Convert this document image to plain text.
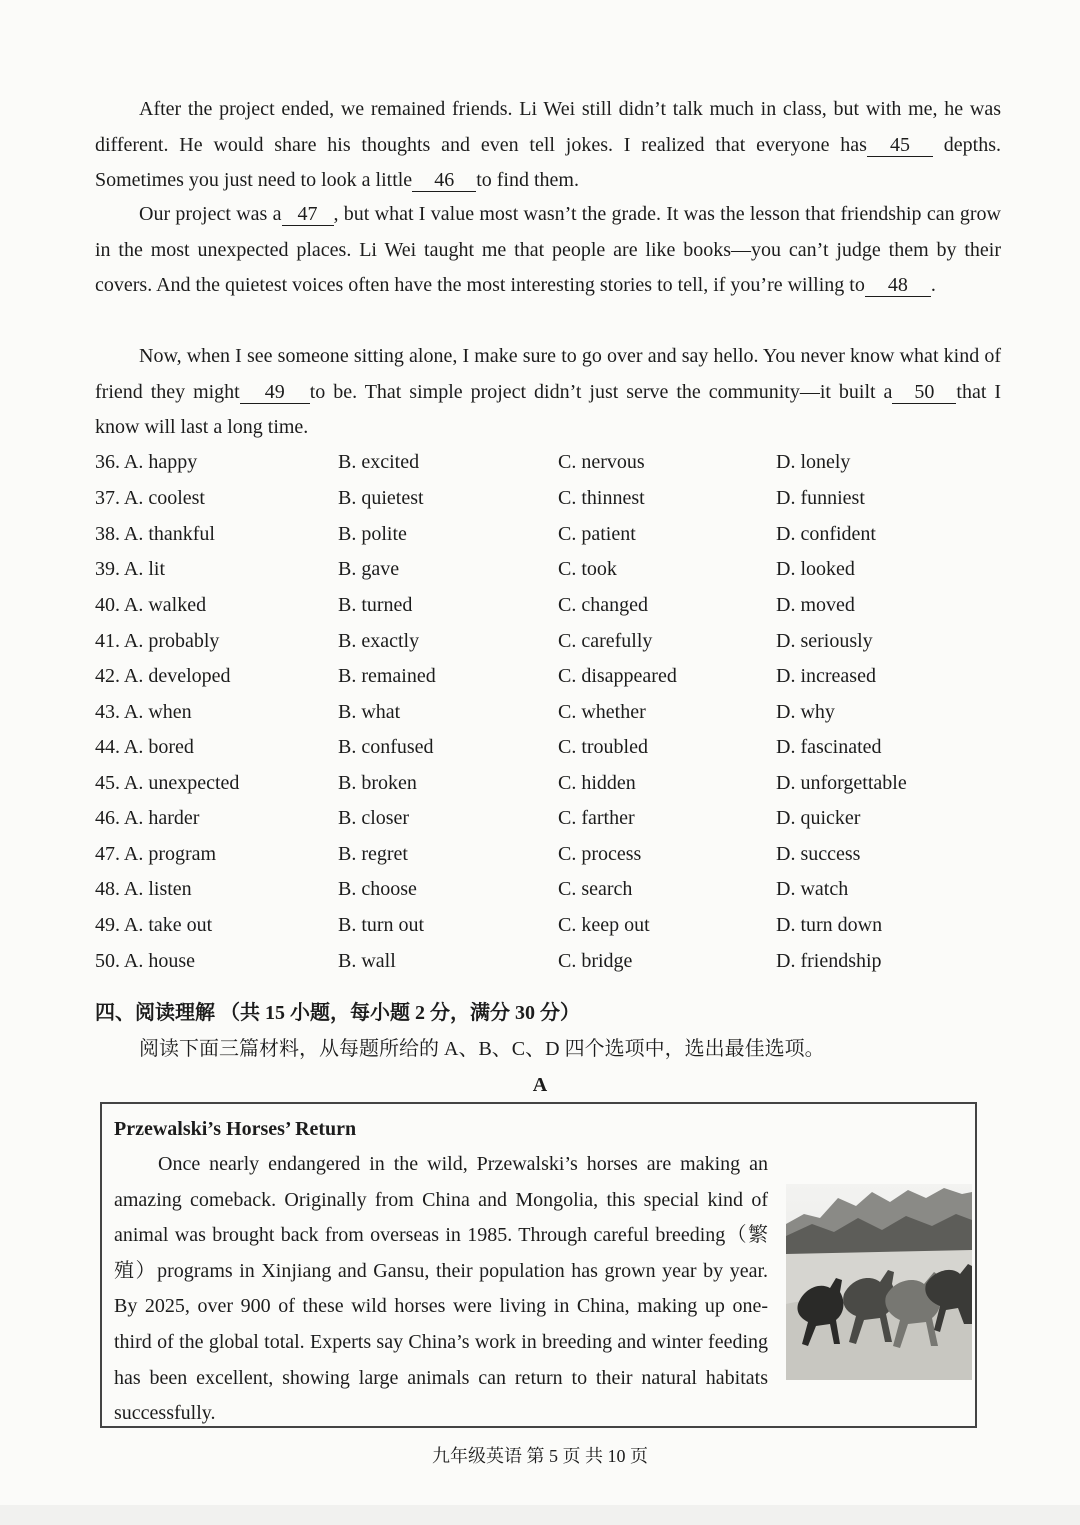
After the project ended, we remained friends. Li Wei still didn’t talk much in class, but with me, he was different. He would share his thoughts and even tell jokes. I realized that everyone has 45 depths. Sometimes you just need to look a little 46 to find them.

Our project was a 47 , but what I value most wasn’t the grade. It was the lesson that friendship can grow in the most unexpected places. Li Wei taught me that people are like books—you can’t judge them by their covers. And the quietest voices often have the most interesting stories to tell, if you’re willing to 48 .

Now, when I see someone sitting alone, I make sure to go over and say hello. You never know what kind of friend they might 49 to be. That simple project didn’t just serve the community—it built a 50 that I know will last a long time.

36. A. happy	B. excited	C. nervous	D. lonely
37. A. coolest	B. quietest	C. thinnest	D. funniest
38. A. thankful	B. polite	C. patient	D. confident
39. A. lit	B. gave	C. took	D. looked
40. A. walked	B. turned	C. changed	D. moved
41. A. probably	B. exactly	C. carefully	D. seriously
42. A. developed	B. remained	C. disappeared	D. increased
43. A. when	B. what	C. whether	D. why
44. A. bored	B. confused	C. troubled	D. fascinated
45. A. unexpected	B. broken	C. hidden	D. unforgettable
46. A. harder	B. closer	C. farther	D. quicker
47. A. program	B. regret	C. process	D. success
48. A. listen	B. choose	C. search	D. watch
49. A. take out	B. turn out	C. keep out	D. turn down
50. A. house	B. wall	C. bridge	D. friendship
四、阅读理解 （共 15 小题，每小题 2 分，满分 30 分）
阅读下面三篇材料，从每题所给的 A、B、C、D 四个选项中，选出最佳选项。
A
Przewalski’s Horses’ Return

Once nearly endangered in the wild, Przewalski’s horses are making an amazing comeback. Originally from China and Mongolia, this special kind of animal was brought back from overseas in 1985. Through careful breeding（繁殖）programs in Xinjiang and Gansu, their population has grown year by year. By 2025, over 900 of these wild horses were living in China, making up one-third of the global total. Experts say China’s work in breeding and winter feeding has been excellent, showing large animals can return to their natural habitats successfully.

九年级英语 第 5 页 共 10 页
